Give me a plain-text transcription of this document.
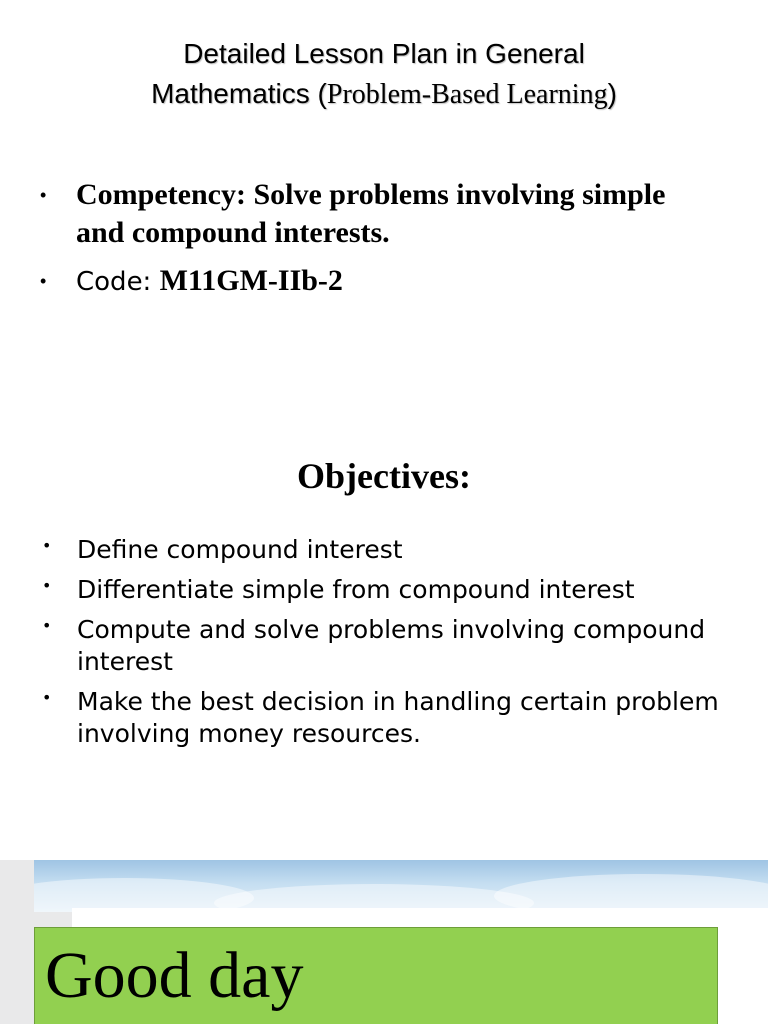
Detailed Lesson Plan in General
Mathematics (Problem-Based Learning)
• Competency: Solve problems involving simple and compound interests.
• Code: M11GM-IIb-2
Objectives:
• Define compound interest
• Differentiate simple from compound interest
• Compute and solve problems involving compound interest
• Make the best decision in handling certain problem involving money resources.
Good day
